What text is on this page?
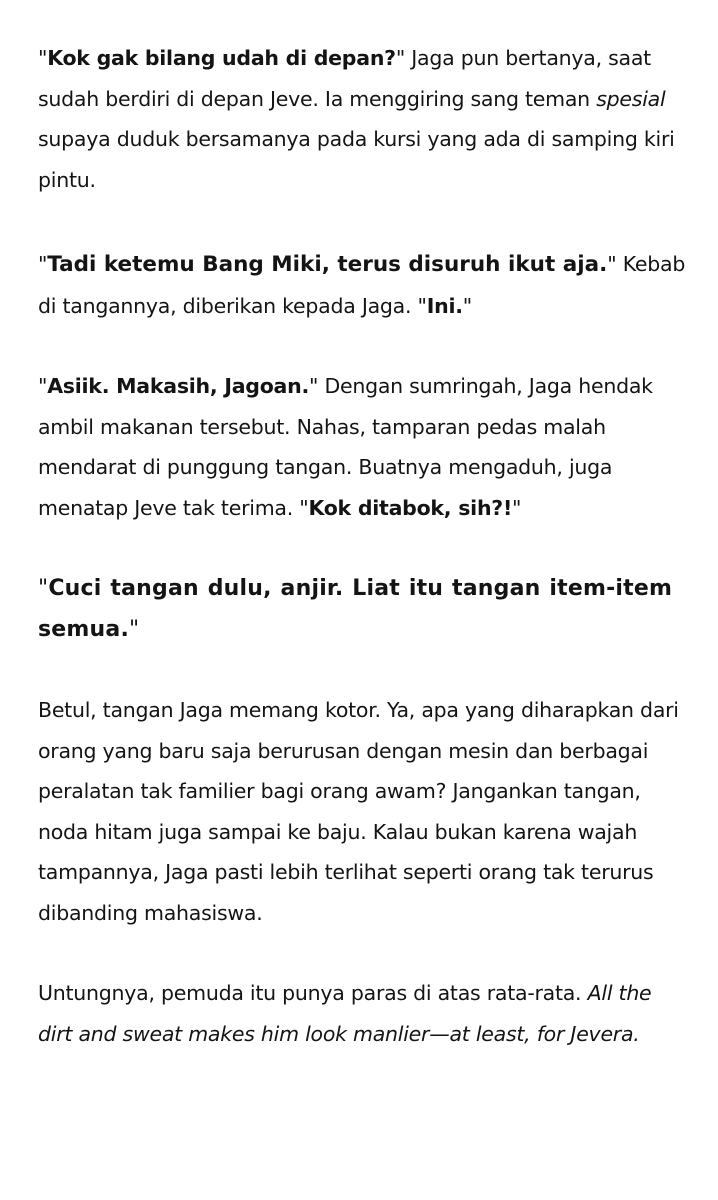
"Kok gak bilang udah di depan?" Jaga pun bertanya, saat sudah berdiri di depan Jeve. Ia menggiring sang teman spesial supaya duduk bersamanya pada kursi yang ada di samping kiri pintu.

"Tadi ketemu Bang Miki, terus disuruh ikut aja." Kebab di tangannya, diberikan kepada Jaga. "Ini."

"Asiik. Makasih, Jagoan." Dengan sumringah, Jaga hendak ambil makanan tersebut. Nahas, tamparan pedas malah mendarat di punggung tangan. Buatnya mengaduh, juga menatap Jeve tak terima. "Kok ditabok, sih?!"

"Cuci tangan dulu, anjir. Liat itu tangan item-item semua."

Betul, tangan Jaga memang kotor. Ya, apa yang diharapkan dari orang yang baru saja berurusan dengan mesin dan berbagai peralatan tak familier bagi orang awam? Jangankan tangan, noda hitam juga sampai ke baju. Kalau bukan karena wajah tampannya, Jaga pasti lebih terlihat seperti orang tak terurus dibanding mahasiswa.

Untungnya, pemuda itu punya paras di atas rata-rata. All the dirt and sweat makes him look manlier—at least, for Jevera.
